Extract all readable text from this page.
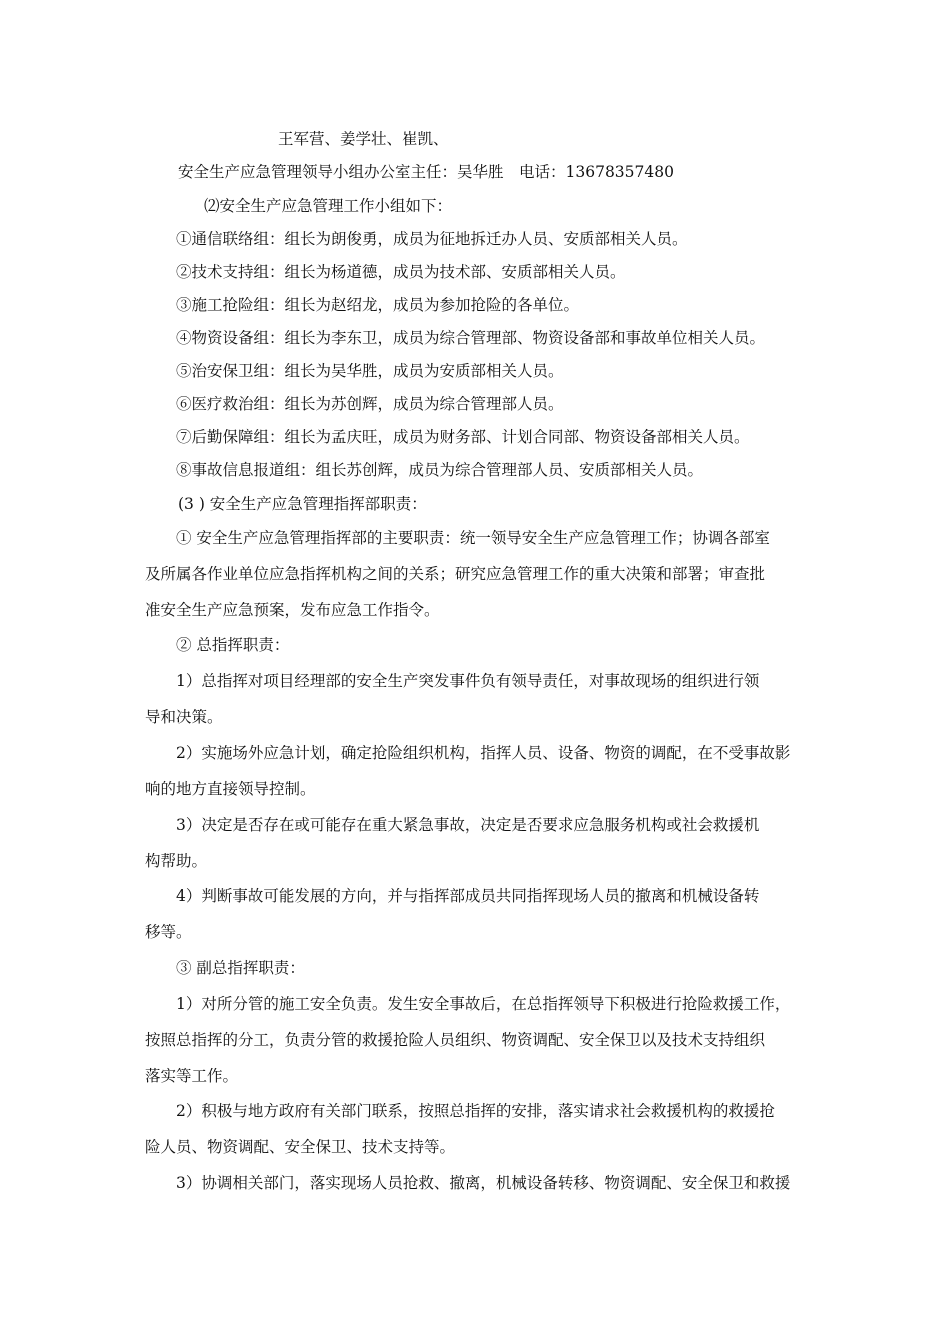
王军营、姜学壮、崔凯、
安全生产应急管理领导小组办公室主任：吴华胜　电话：13678357480
⑵安全生产应急管理工作小组如下：
①通信联络组：组长为朗俊勇，成员为征地拆迁办人员、安质部相关人员。
②技术支持组：组长为杨道德，成员为技术部、安质部相关人员。
③施工抢险组：组长为赵绍龙，成员为参加抢险的各单位。
④物资设备组：组长为李东卫，成员为综合管理部、物资设备部和事故单位相关人员。
⑤治安保卫组：组长为吴华胜，成员为安质部相关人员。
⑥医疗救治组：组长为苏创辉，成员为综合管理部人员。
⑦后勤保障组：组长为孟庆旺，成员为财务部、计划合同部、物资设备部相关人员。
⑧事故信息报道组：组长苏创辉，成员为综合管理部人员、安质部相关人员。
(3 ) 安全生产应急管理指挥部职责：
① 安全生产应急管理指挥部的主要职责：统一领导安全生产应急管理工作；协调各部室
及所属各作业单位应急指挥机构之间的关系；研究应急管理工作的重大决策和部署；审查批
准安全生产应急预案，发布应急工作指令。
② 总指挥职责：
1）总指挥对项目经理部的安全生产突发事件负有领导责任，对事故现场的组织进行领
导和决策。
2）实施场外应急计划，确定抢险组织机构，指挥人员、设备、物资的调配，在不受事故影
响的地方直接领导控制。
3）决定是否存在或可能存在重大紧急事故，决定是否要求应急服务机构或社会救援机
构帮助。
4）判断事故可能发展的方向，并与指挥部成员共同指挥现场人员的撤离和机械设备转
移等。
③ 副总指挥职责：
1）对所分管的施工安全负责。发生安全事故后，在总指挥领导下积极进行抢险救援工作，
按照总指挥的分工，负责分管的救援抢险人员组织、物资调配、安全保卫以及技术支持组织
落实等工作。
2）积极与地方政府有关部门联系，按照总指挥的安排，落实请求社会救援机构的救援抢
险人员、物资调配、安全保卫、技术支持等。
3）协调相关部门，落实现场人员抢救、撤离，机械设备转移、物资调配、安全保卫和救援
